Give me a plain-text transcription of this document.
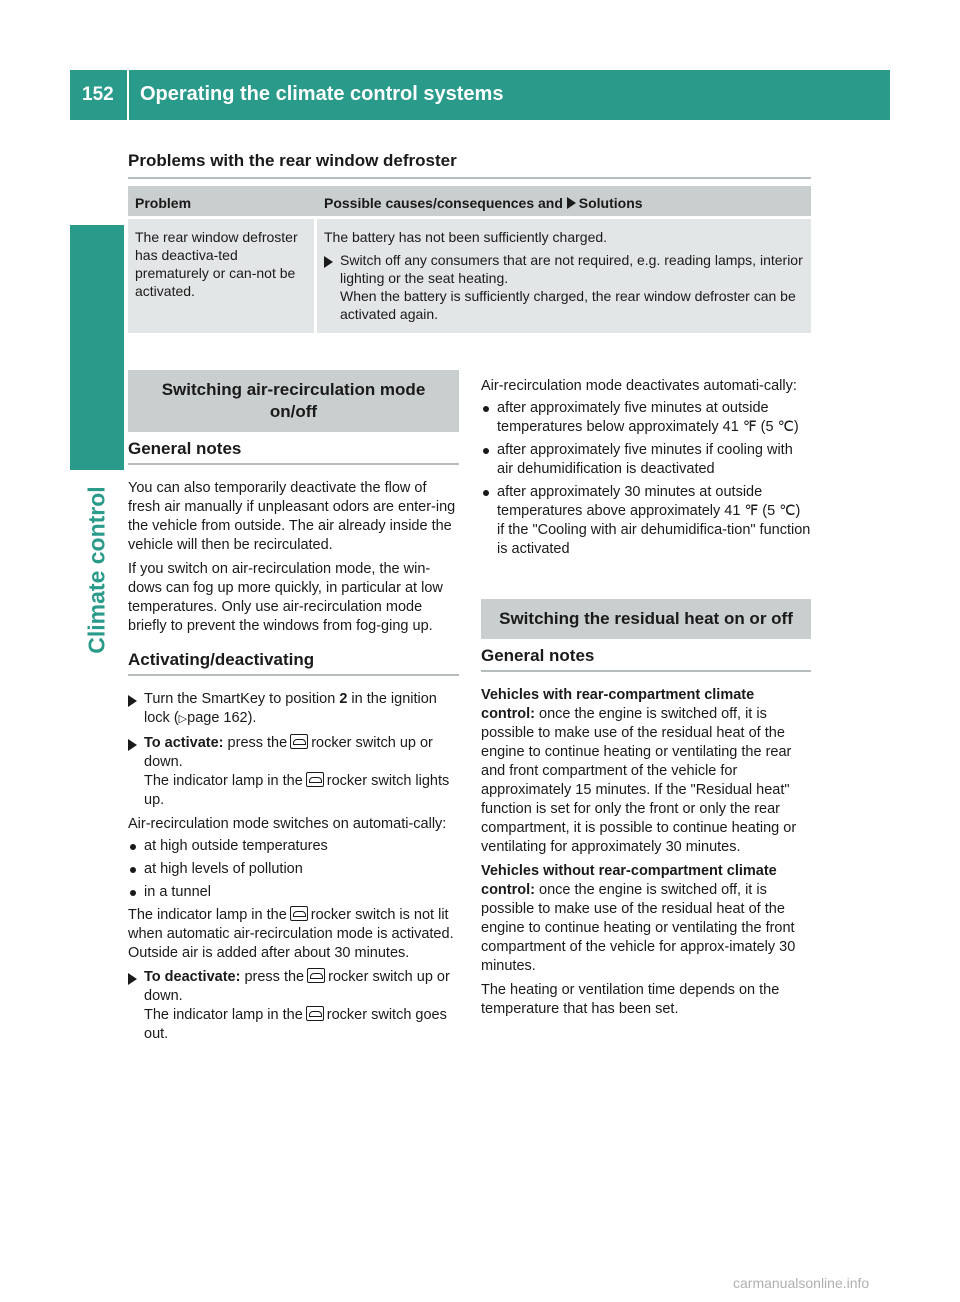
152	Operating the climate control systems
Climate control
Problems with the rear window defroster
Problem	Possible causes/consequences and Solutions
The rear window defroster has deactiva-ted prematurely or can-not be activated.

The battery has not been sufficiently charged.

Switch off any consumers that are not required, e.g. reading lamps, interior lighting or the seat heating.
When the battery is sufficiently charged, the rear window defroster can be activated again.
Switching air-recirculation mode on/off
General notes

You can also temporarily deactivate the flow of fresh air manually if unpleasant odors are enter-ing the vehicle from outside. The air already inside the vehicle will then be recirculated.

If you switch on air-recirculation mode, the win-dows can fog up more quickly, in particular at low temperatures. Only use air-recirculation mode briefly to prevent the windows from fog-ging up.

Activating/deactivating
Turn the SmartKey to position 2 in the ignition lock (▷page 162).
To activate: press the rocker switch up or down.
The indicator lamp in the rocker switch lights up.

Air-recirculation mode switches on automati-cally:

at high outside temperatures
at high levels of pollution
in a tunnel

The indicator lamp in the rocker switch is not lit when automatic air-recirculation mode is activated. Outside air is added after about 30 minutes.

To deactivate: press the rocker switch up or down.
The indicator lamp in the rocker switch goes out.

Air-recirculation mode deactivates automati-cally:

after approximately five minutes at outside temperatures below approximately 41 ℉ (5 ℃)
after approximately five minutes if cooling with air dehumidification is deactivated
after approximately 30 minutes at outside temperatures above approximately 41 ℉ (5 ℃) if the "Cooling with air dehumidifica-tion" function is activated
Switching the residual heat on or off
General notes

Vehicles with rear-compartment climate control: once the engine is switched off, it is possible to make use of the residual heat of the engine to continue heating or ventilating the rear and front compartment of the vehicle for approximately 15 minutes. If the "Residual heat" function is set for only the front or only the rear compartment, it is possible to continue heating or ventilating for approximately 30 minutes.

Vehicles without rear-compartment climate control: once the engine is switched off, it is possible to make use of the residual heat of the engine to continue heating or ventilating the front compartment of the vehicle for approx-imately 30 minutes.

The heating or ventilation time depends on the temperature that has been set.

carmanualsonline.info
